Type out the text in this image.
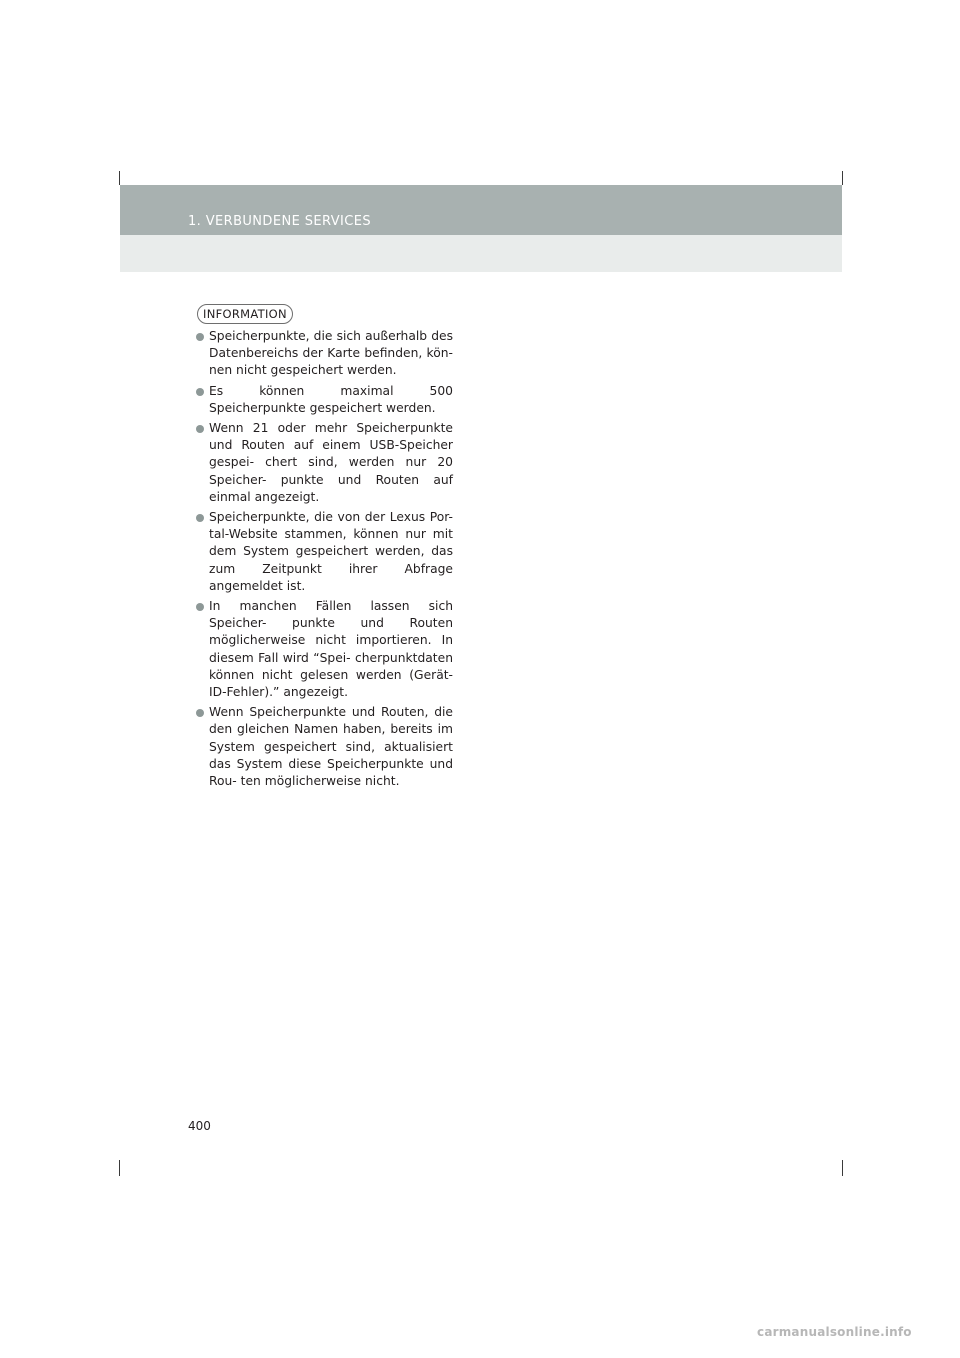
1. VERBUNDENE SERVICES
INFORMATION
Speicherpunkte, die sich außerhalb des Datenbereichs der Karte befinden, kön- nen nicht gespeichert werden.
Es können maximal 500 Speicherpunkte gespeichert werden.
Wenn 21 oder mehr Speicherpunkte und Routen auf einem USB-Speicher gespei- chert sind, werden nur 20 Speicher- punkte und Routen auf einmal angezeigt.
Speicherpunkte, die von der Lexus Por- tal-Website stammen, können nur mit dem System gespeichert werden, das zum Zeitpunkt ihrer Abfrage angemeldet ist.
In manchen Fällen lassen sich Speicher- punkte und Routen möglicherweise nicht importieren. In diesem Fall wird “Spei- cherpunktdaten können nicht gelesen werden (Gerät-ID-Fehler).” angezeigt.
Wenn Speicherpunkte und Routen, die den gleichen Namen haben, bereits im System gespeichert sind, aktualisiert das System diese Speicherpunkte und Rou- ten möglicherweise nicht.
400
carmanualsonline.info
